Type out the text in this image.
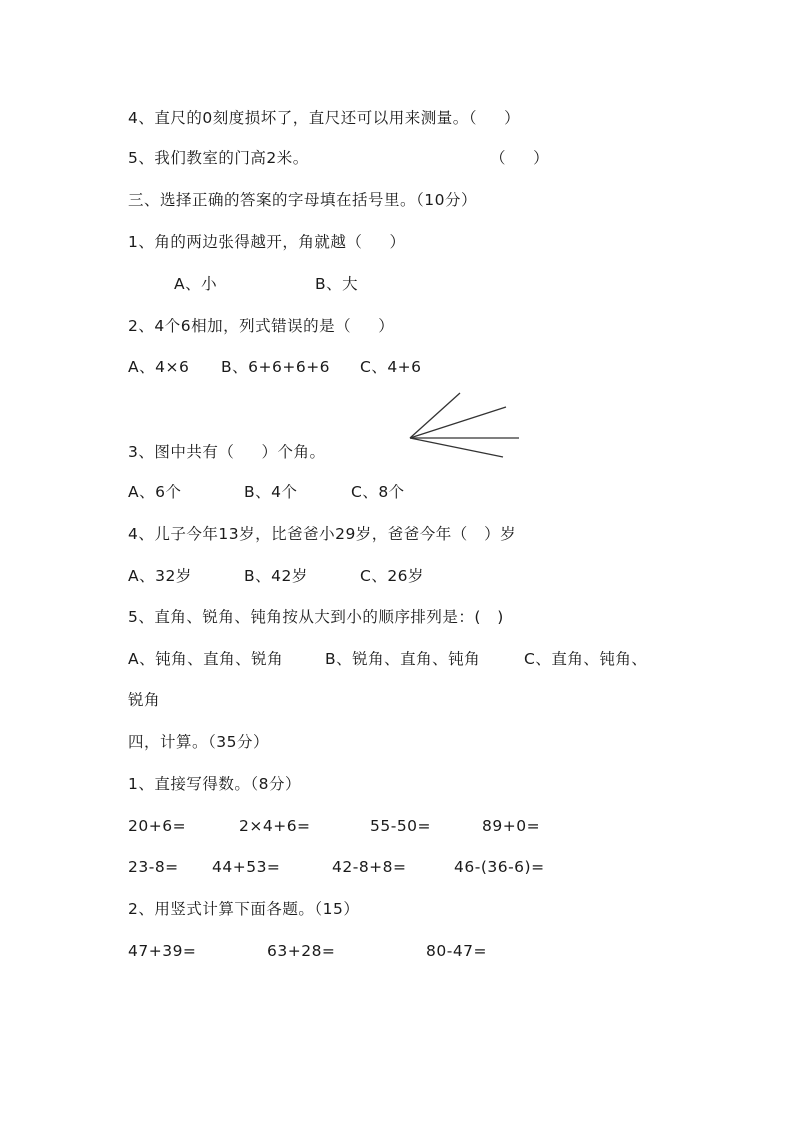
4、直尺的0刻度损坏了，直尺还可以用来测量。（     ）
5、我们教室的门高2米。	（     ）
三、选择正确的答案的字母填在括号里。（10分）
1、角的两边张得越开，角就越（     ）
A、小	B、大
2、4个6相加，列式错误的是（     ）
A、4×6 B、6+6+6+6 C、4+6
3、图中共有（     ）个角。
A、6个	B、4个	C、8个
4、儿子今年13岁，比爸爸小29岁，爸爸今年（   ）岁
A、32岁	B、42岁	C、26岁
5、直角、锐角、钝角按从大到小的顺序排列是：(   )
A、钝角、直角、锐角	B、锐角、直角、钝角	C、直角、钝角、
锐角
四，计算。（35分）
1、直接写得数。（8分）
20+6=	2×4+6=	55-50=	89+0=
23-8= 44+53=	42-8+8=	46-(36-6)=
2、用竖式计算下面各题。（15）
47+39=	63+28=	80-47=
